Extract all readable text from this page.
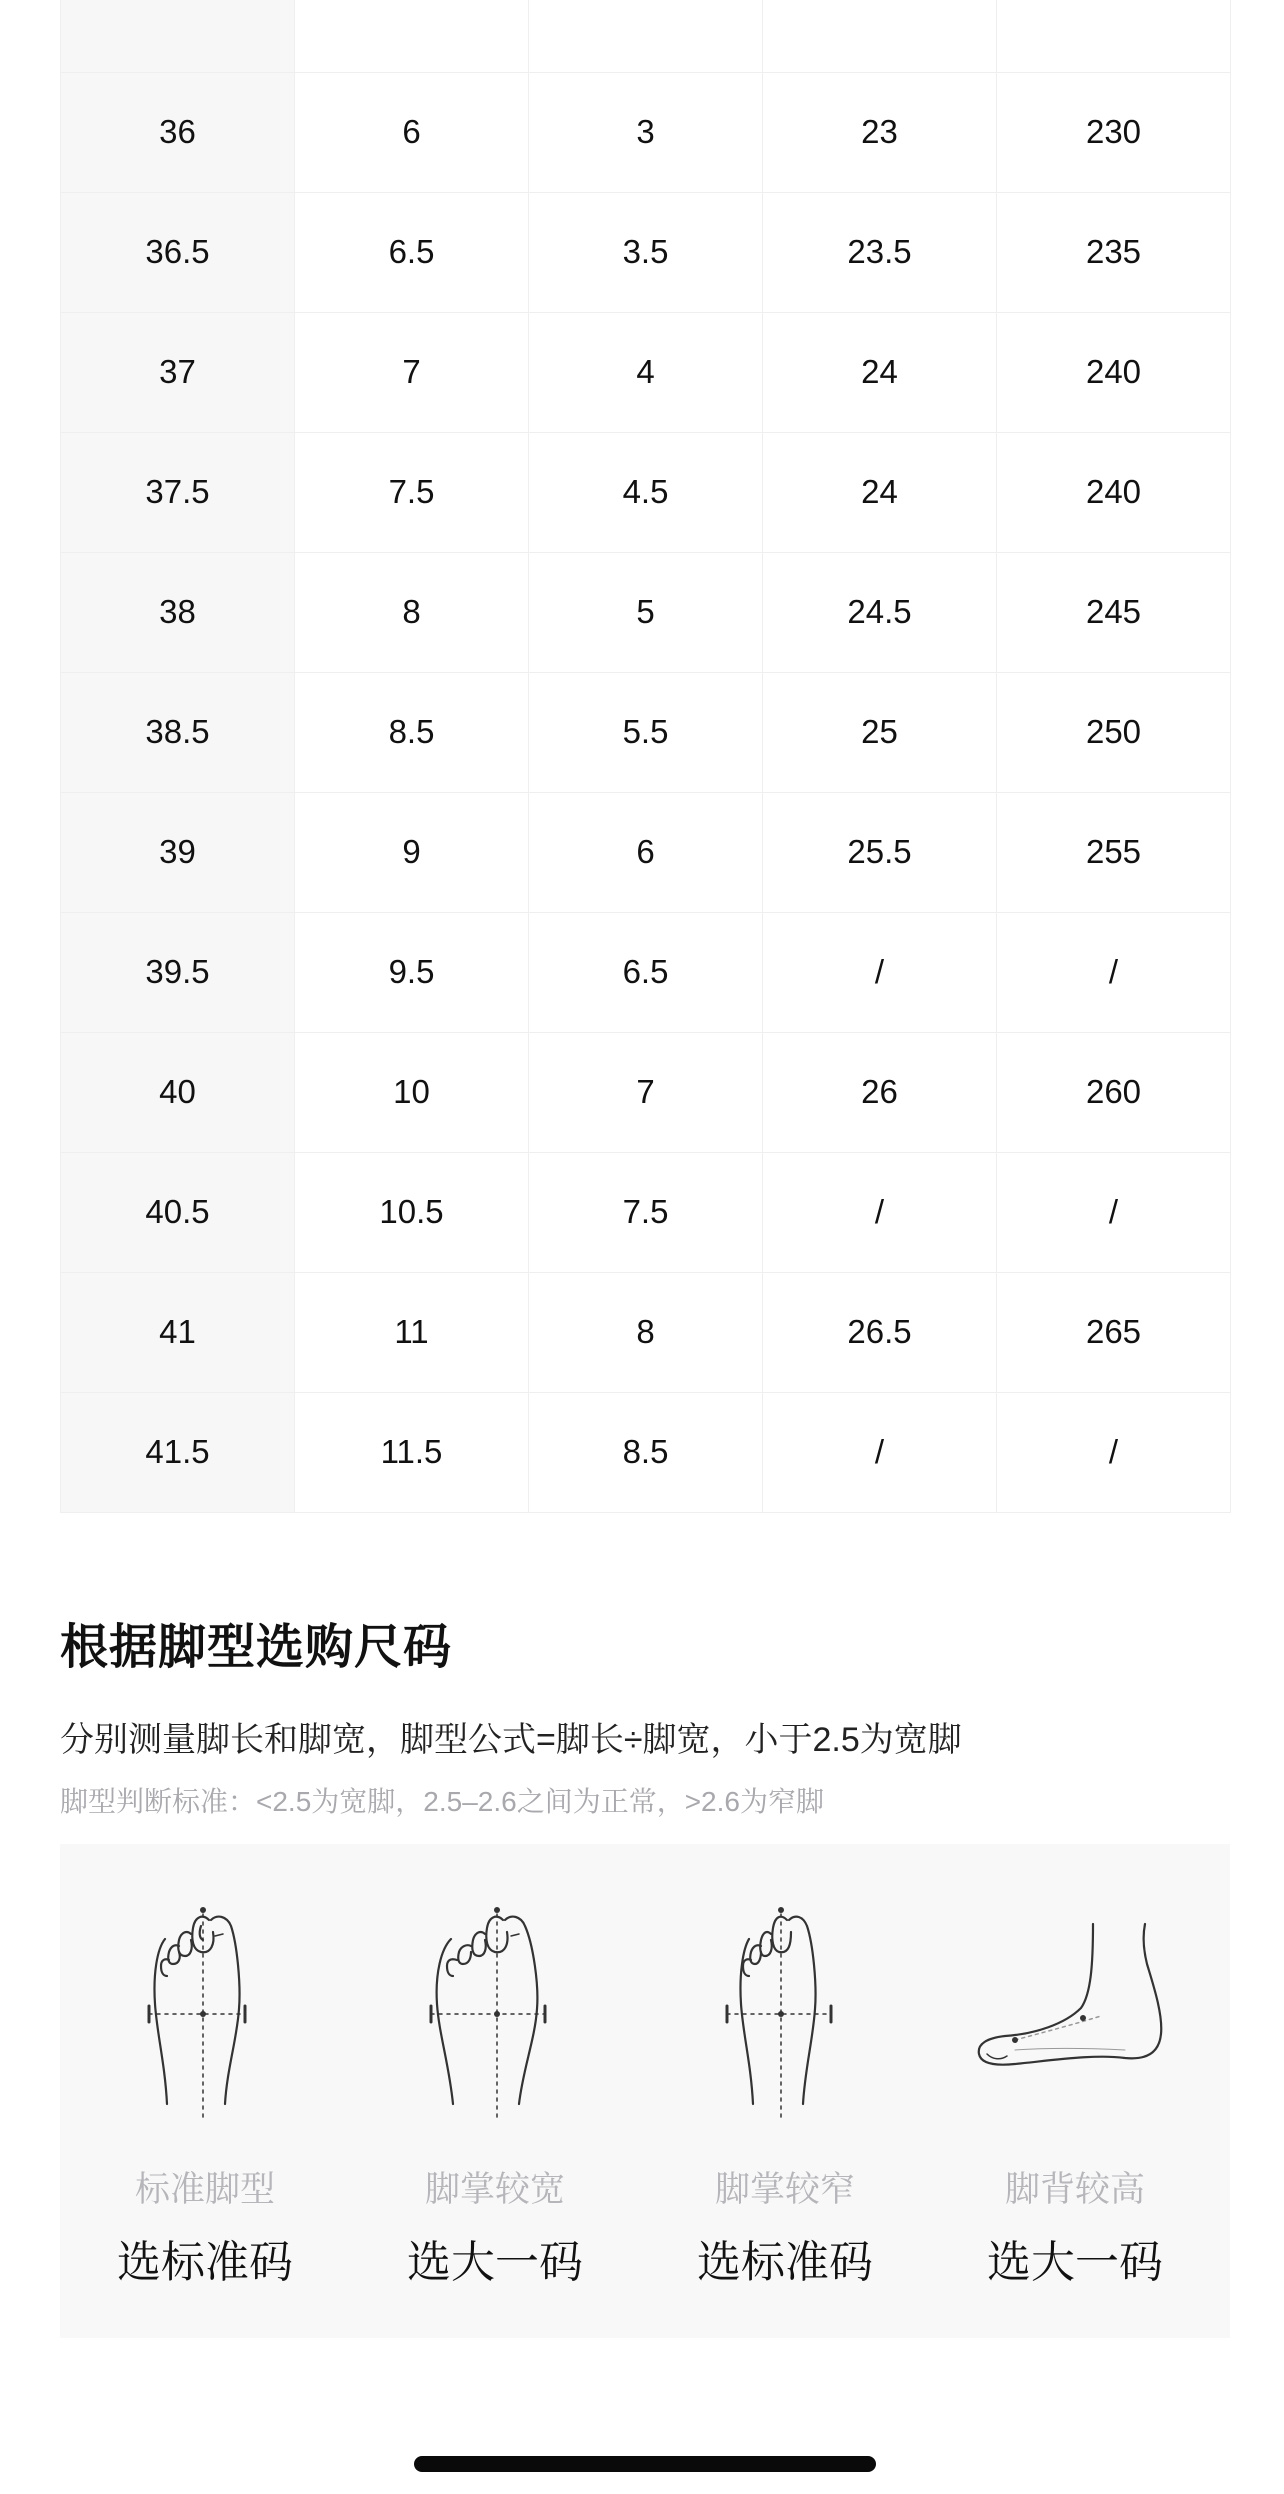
36	6	3	23	230
36.5	6.5	3.5	23.5	235
37	7	4	24	240
37.5	7.5	4.5	24	240
38	8	5	24.5	245
38.5	8.5	5.5	25	250
39	9	6	25.5	255
39.5	9.5	6.5	/	/
40	10	7	26	260
40.5	10.5	7.5	/	/
41	11	8	26.5	265
41.5	11.5	8.5	/	/
根据脚型选购尺码
分别测量脚长和脚宽，脚型公式=脚长÷脚宽，小于2.5为宽脚
脚型判断标准：<2.5为宽脚，2.5–2.6之间为正常，>2.6为窄脚
标准脚型
选标准码
脚掌较宽
选大一码
脚掌较窄
选标准码
脚背较高
选大一码
